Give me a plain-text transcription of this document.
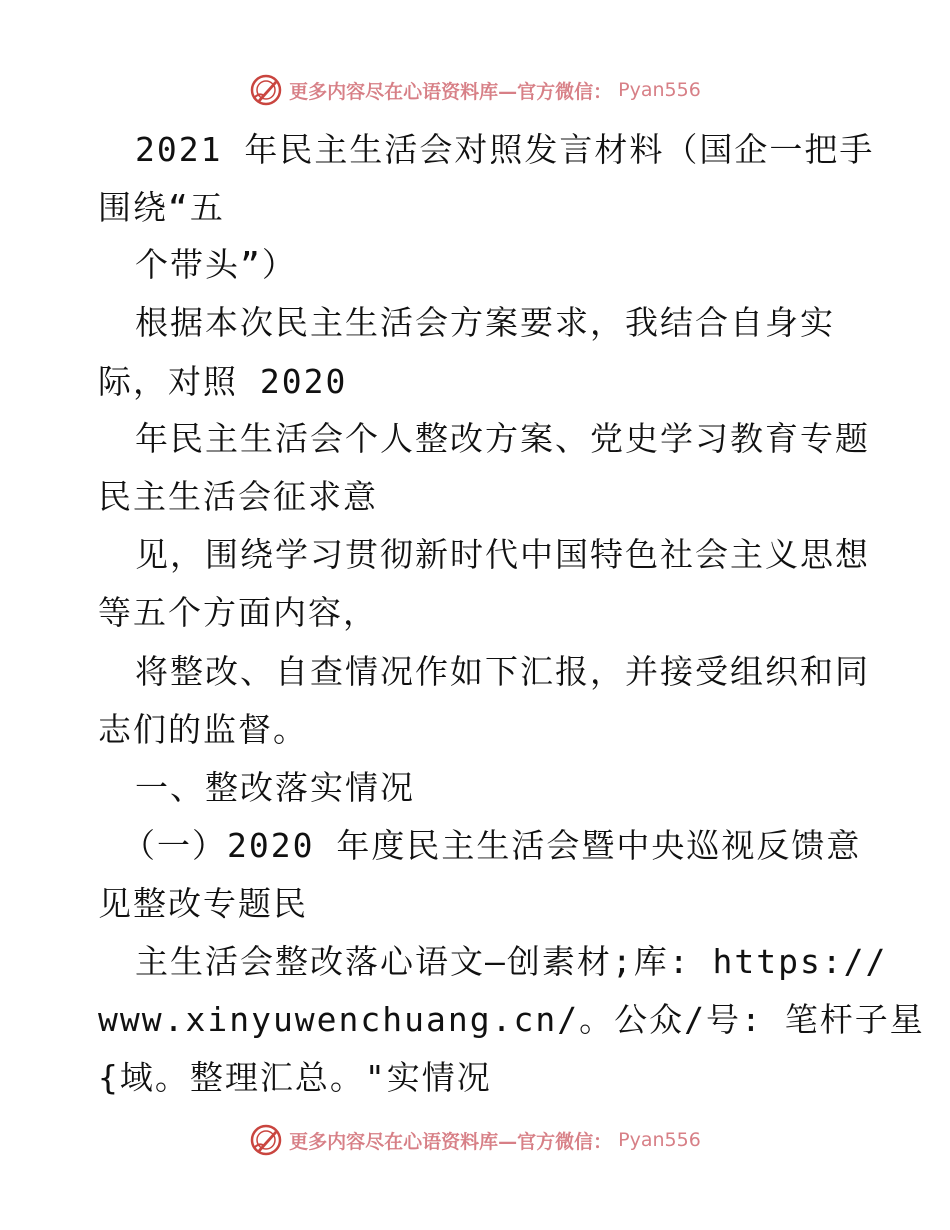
更多内容尽在心语资料库—官方微信： Pyan556
2021 年民主生活会对照发言材料（国企一把手
围绕“五
个带头”）
根据本次民主生活会方案要求，我结合自身实
际，对照 2020
年民主生活会个人整改方案、党史学习教育专题
民主生活会征求意
见，围绕学习贯彻新时代中国特色社会主义思想
等五个方面内容，
将整改、自查情况作如下汇报，并接受组织和同
志们的监督。
一、整改落实情况
（一）2020 年度民主生活会暨中央巡视反馈意
见整改专题民
主生活会整改落心语文—创素材;库: https://
www.xinyuwenchuang.cn/。公众/号: 笔杆子星
{域。整理汇总。"实情况
更多内容尽在心语资料库—官方微信： Pyan556
